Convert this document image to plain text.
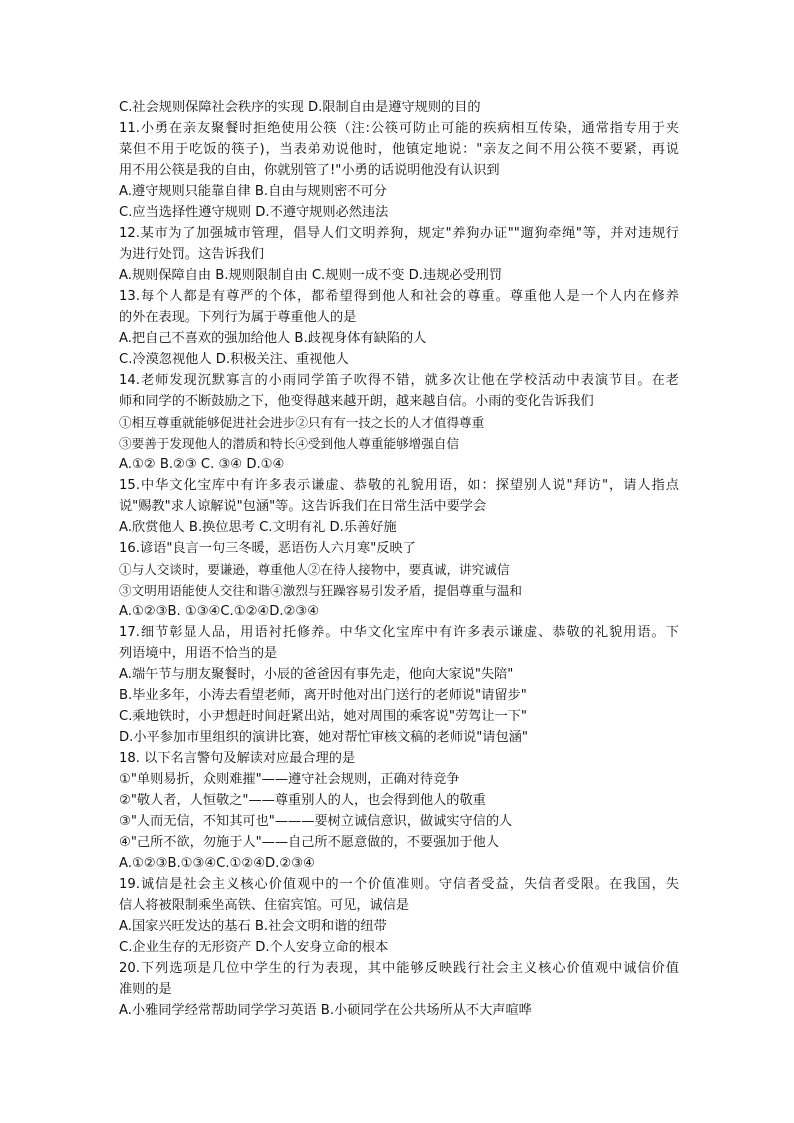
C.社会规则保障社会秩序的实现 D.限制自由是遵守规则的目的
11.小勇在亲友聚餐时拒绝使用公筷（注:公筷可防止可能的疾病相互传染，通常指专用于夹
菜但不用于吃饭的筷子)，当表弟劝说他时，他镇定地说："亲友之间不用公筷不要紧，再说
用不用公筷是我的自由，你就别管了!"小勇的话说明他没有认识到
A.遵守规则只能靠自律 B.自由与规则密不可分
C.应当选择性遵守规则 D.不遵守规则必然违法
12.某市为了加强城市管理，倡导人们文明养狗，规定"养狗办证""遛狗牵绳"等，并对违规行
为进行处罚。这告诉我们
A.规则保障自由 B.规则限制自由 C.规则一成不变 D.违规必受刑罚
13.每个人都是有尊严的个体，都希望得到他人和社会的尊重。尊重他人是一个人内在修养
的外在表现。下列行为属于尊重他人的是
A.把自己不喜欢的强加给他人 B.歧视身体有缺陷的人
C.冷漠忽视他人 D.积极关注、重视他人
14.老师发现沉默寡言的小雨同学笛子吹得不错，就多次让他在学校活动中表演节目。在老
师和同学的不断鼓励之下，他变得越来越开朗，越来越自信。小雨的变化告诉我们
①相互尊重就能够促进社会进步②只有有一技之长的人才值得尊重
③要善于发现他人的潜质和特长④受到他人尊重能够增强自信
A.①② B.②③ C. ③④ D.①④
15.中华文化宝库中有许多表示谦虚、恭敬的礼貌用语，如：探望别人说"拜访"，请人指点
说"赐教"求人谅解说"包涵"等。这告诉我们在日常生活中要学会
A.欣赏他人 B.换位思考 C.文明有礼 D.乐善好施
16.谚语"良言一句三冬暖，恶语伤人六月寒"反映了
①与人交谈时，要谦逊，尊重他人②在待人接物中，要真诚，讲究诚信
③文明用语能使人交往和谐④激烈与狂躁容易引发矛盾，提倡尊重与温和
A.①②③B. ①③④C.①②④D.②③④
17.细节彰显人品，用语衬托修养。中华文化宝库中有许多表示谦虚、恭敬的礼貌用语。下
列语境中，用语不恰当的是
A.端午节与朋友聚餐时，小辰的爸爸因有事先走，他向大家说"失陪"
B.毕业多年，小涛去看望老师，离开时他对出门送行的老师说"请留步"
C.乘地铁时，小尹想赶时间赶紧出站，她对周围的乘客说"劳驾让一下"
D.小平参加市里组织的演讲比赛，她对帮忙审核文稿的老师说"请包涵"
18. 以下名言警句及解读对应最合理的是
①"单则易折，众则难摧"——遵守社会规则，正确对待竞争
②"敬人者，人恒敬之"——尊重别人的人，也会得到他人的敬重
③"人而无信，不知其可也"———要树立诚信意识，做诚实守信的人
④"己所不欲，勿施于人"——自己所不愿意做的，不要强加于他人
A.①②③B.①③④C.①②④D.②③④
19.诚信是社会主义核心价值观中的一个价值准则。守信者受益，失信者受限。在我国，失
信人将被限制乘坐高铁、住宿宾馆。可见，诚信是
A.国家兴旺发达的基石 B.社会文明和谐的纽带
C.企业生存的无形资产 D.个人安身立命的根本
20.下列选项是几位中学生的行为表现，其中能够反映践行社会主义核心价值观中诚信价值
准则的是
A.小雅同学经常帮助同学学习英语 B.小硕同学在公共场所从不大声喧哗
